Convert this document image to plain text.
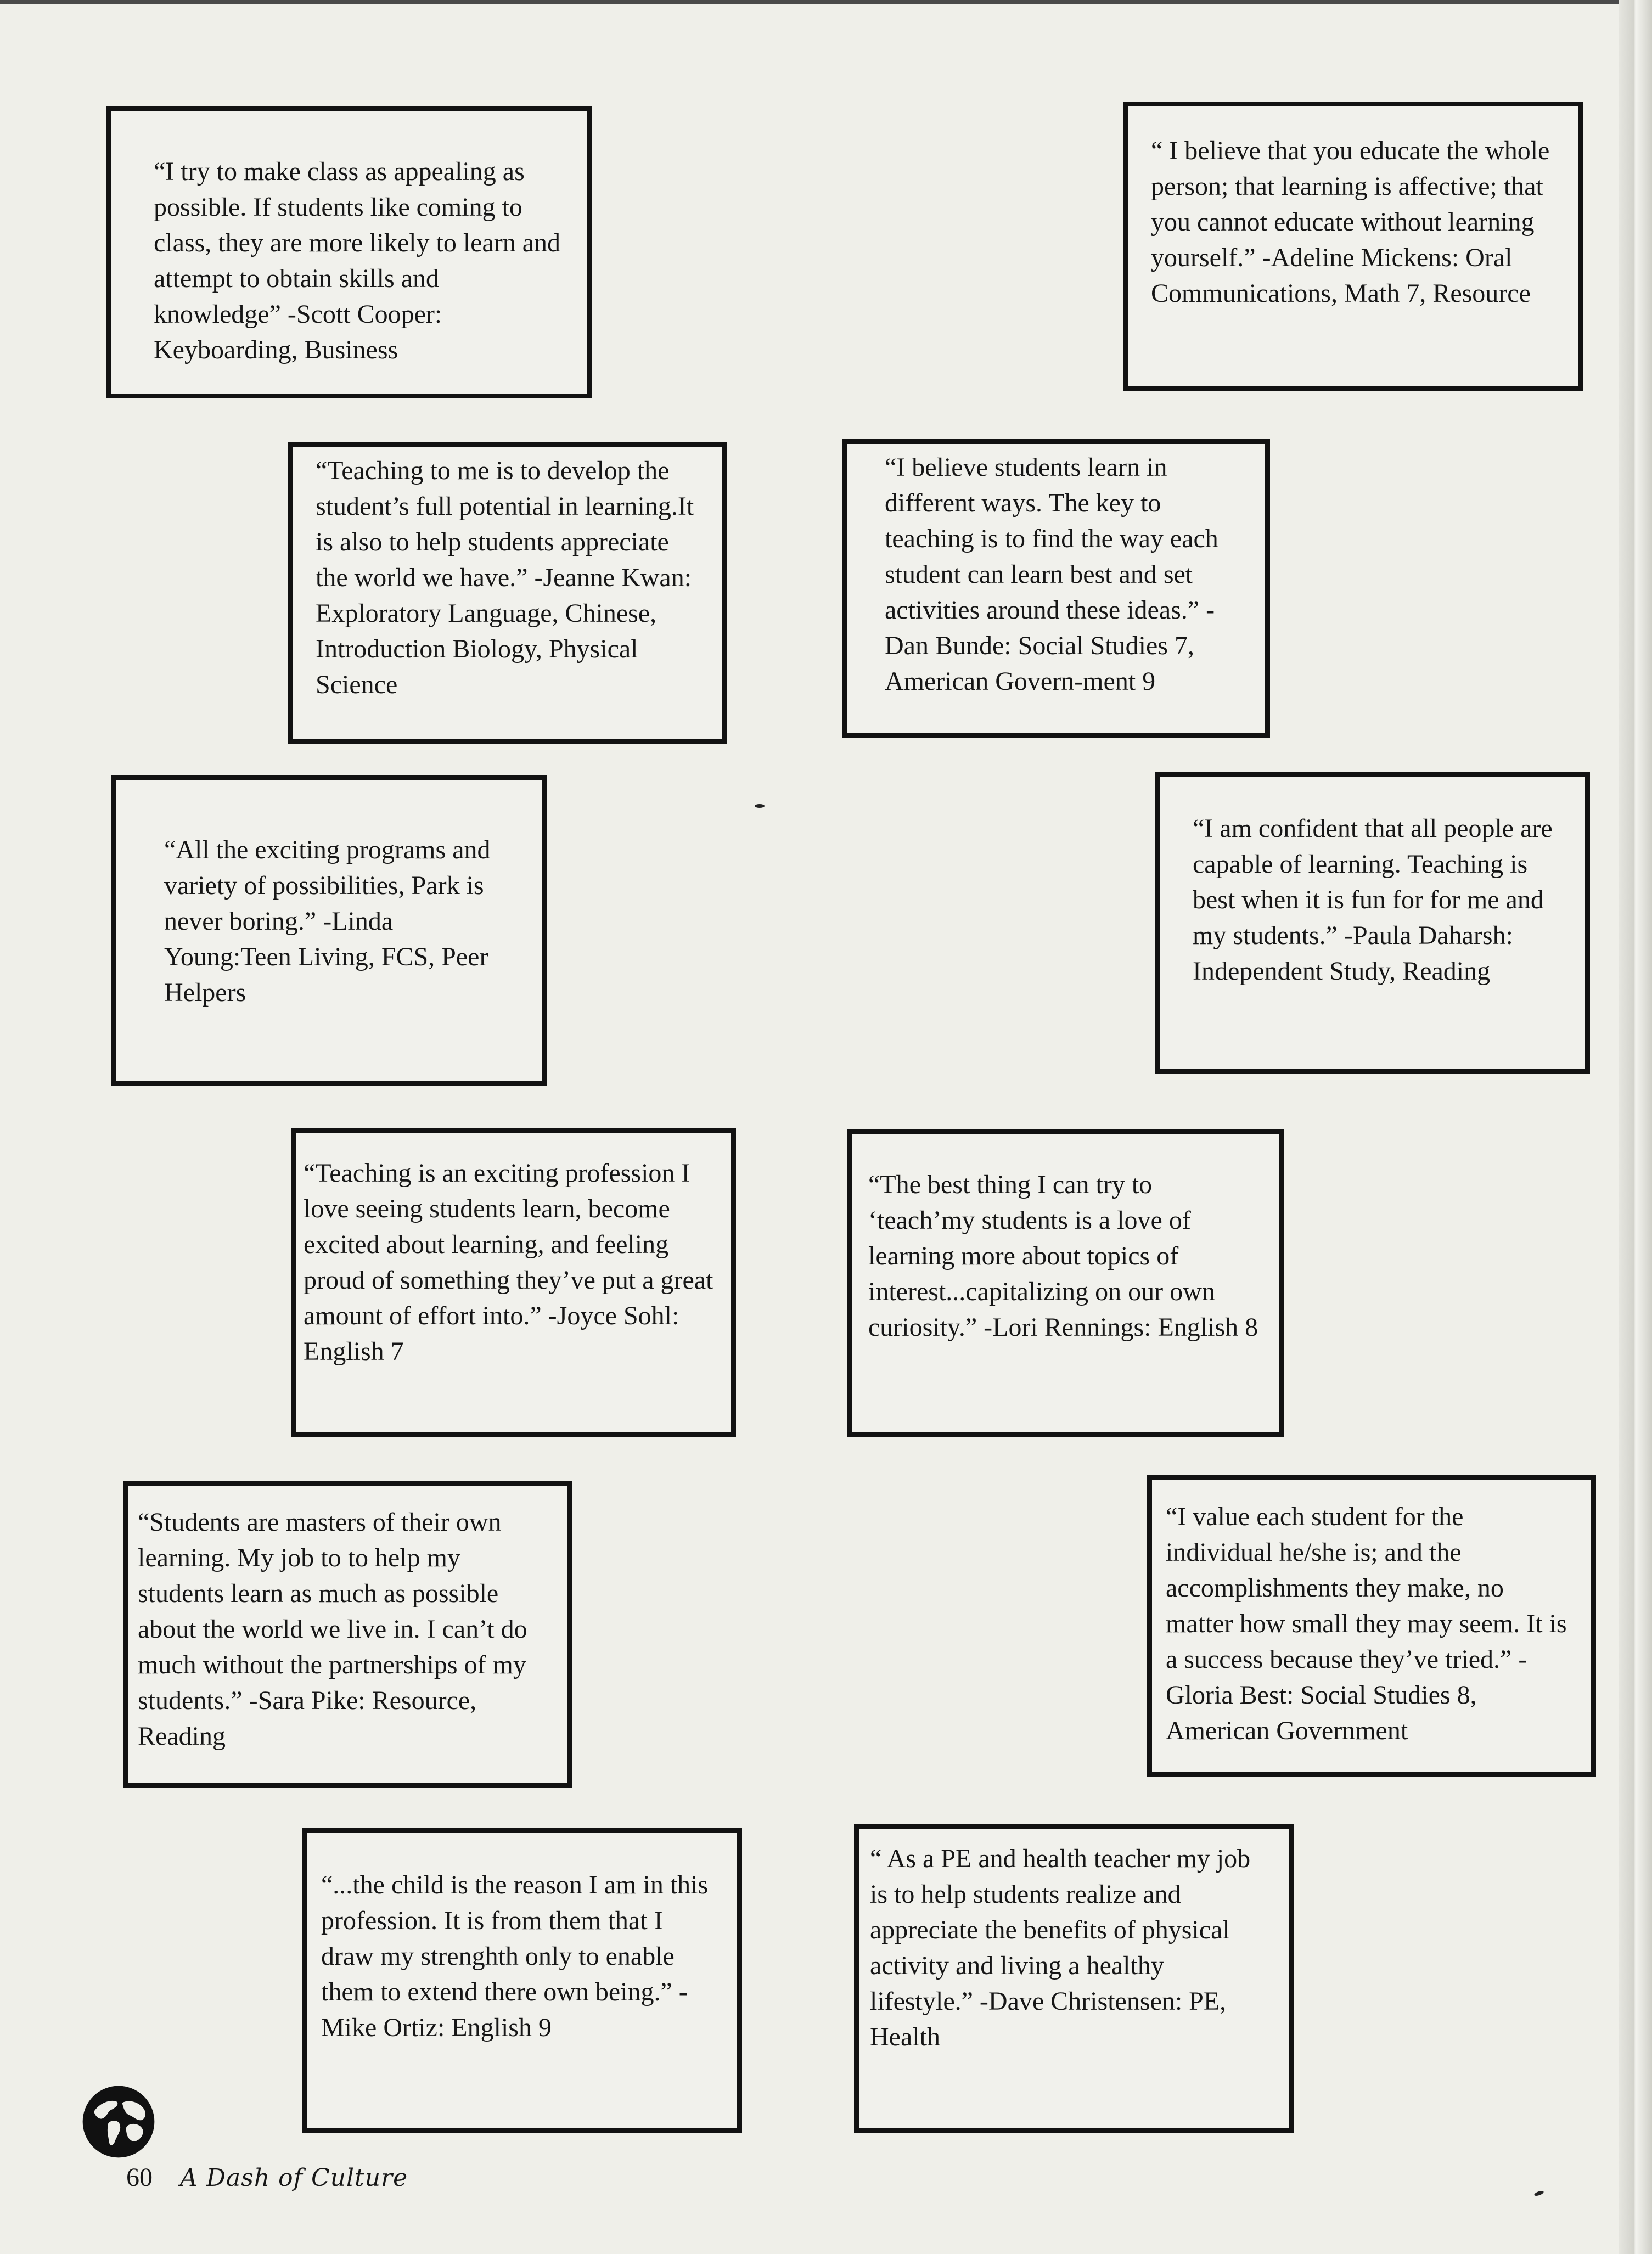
“I try to make class as appealing as possible. If students like coming to class, they are more likely to learn and attempt to obtain skills and knowledge” -Scott Cooper: Keyboarding, Business

“ I believe that you educate the whole person; that learning is affective; that you cannot educate without learning yourself.” -Adeline Mickens: Oral Communications, Math 7, Resource

“Teaching to me is to develop the student’s full potential in learning.It is also to help students appreciate the world we have.” -Jeanne Kwan: Exploratory Language, Chinese, Introduction Biology, Physical Science

“I believe students learn in different ways. The key to teaching is to find the way each student can learn best and set activities around these ideas.” -Dan Bunde: Social Studies 7, American Govern-ment 9

“All the exciting programs and variety of possibilities, Park is never boring.” -Linda Young:Teen Living, FCS, Peer Helpers

“I am confident that all people are capable of learning. Teaching is best when it is fun for for me and my students.” -Paula Daharsh: Independent Study, Reading

“Teaching is an exciting profession I love seeing students learn, become excited about learning, and feeling proud of something they’ve put a great amount of effort into.” -Joyce Sohl: English 7

“The best thing I can try to ‘teach’my students is a love of learning more about topics of interest...capitalizing on our own curiosity.” -Lori Rennings: English 8

“Students are masters of their own learning. My job to to help my students learn as much as possible about the world we live in. I can’t do much without the partnerships of my students.” -Sara Pike: Resource, Reading

“I value each student for the individual he/she is; and the accomplishments they make, no matter how small they may seem. It is a success because they’ve tried.” -Gloria Best: Social Studies 8, American Government

“...the child is the reason I am in this profession. It is from them that I draw my strenghth only to enable them to extend there own being.” -Mike Ortiz: English 9

“ As a PE and health teacher my job is to help students realize and appreciate the benefits of physical activity and living a healthy lifestyle.” -Dave Christensen: PE, Health

60 A Dash of Culture
